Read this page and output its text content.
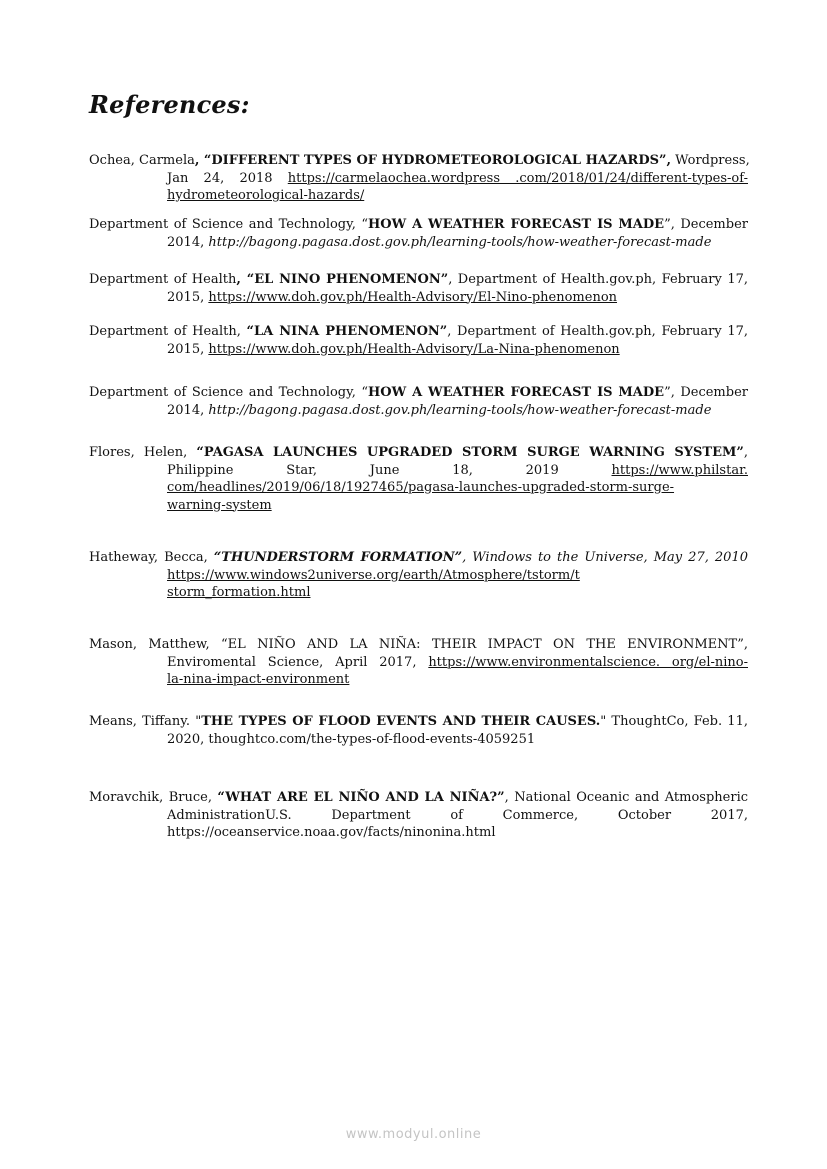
References:
Ochea, Carmela, “DIFFERENT TYPES OF HYDROMETEOROLOGICAL HAZARDS”, Wordpress,
Jan 24, 2018 https://carmelaochea.wordpress .com/2018/01/24/different-types-of-
hydrometeorological-hazards/
Department of Science and Technology, “HOW A WEATHER FORECAST IS MADE”, December
2014, http://bagong.pagasa.dost.gov.ph/learning-tools/how-weather-forecast-made
Department of Health, “EL NINO PHENOMENON”, Department of Health.gov.ph, February 17,
2015, https://www.doh.gov.ph/Health-Advisory/El-Nino-phenomenon
Department of Health, “LA NINA PHENOMENON”, Department of Health.gov.ph, February 17,
2015, https://www.doh.gov.ph/Health-Advisory/La-Nina-phenomenon
Department of Science and Technology, “HOW A WEATHER FORECAST IS MADE”, December
2014, http://bagong.pagasa.dost.gov.ph/learning-tools/how-weather-forecast-made
Flores, Helen, “PAGASA LAUNCHES UPGRADED STORM SURGE WARNING SYSTEM”,
Philippine Star, June 18, 2019 https://www.philstar.
com/headlines/2019/06/18/1927465/pagasa-launches-upgraded-storm-surge-
warning-system
Hatheway, Becca, “THUNDERSTORM FORMATION”, Windows to the Universe, May 27, 2010
https://www.windows2universe.org/earth/Atmosphere/tstorm/t
storm_formation.html
Mason, Matthew, “EL NIÑO AND LA NIÑA: THEIR IMPACT ON THE ENVIRONMENT”,
Enviromental Science, April 2017, https://www.environmentalscience. org/el-nino-
la-nina-impact-environment
Means, Tiffany. "THE TYPES OF FLOOD EVENTS AND THEIR CAUSES." ThoughtCo, Feb. 11,
2020, thoughtco.com/the-types-of-flood-events-4059251
Moravchik, Bruce, “WHAT ARE EL NIÑO AND LA NIÑA?”, National Oceanic and Atmospheric
AdministrationU.S. Department of Commerce, October 2017,
https://oceanservice.noaa.gov/facts/ninonina.html
www.modyul.online
